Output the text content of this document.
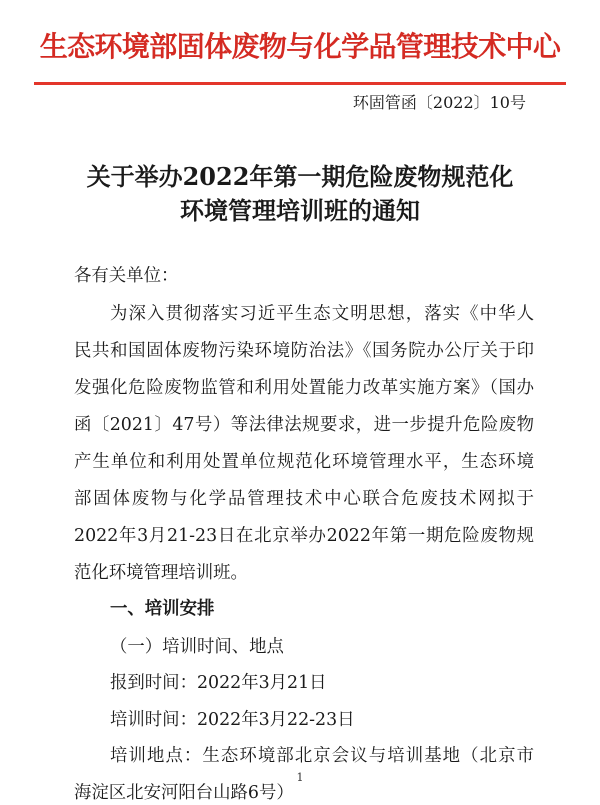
生态环境部固体废物与化学品管理技术中心
环固管函〔2022〕10号
关于举办2022年第一期危险废物规范化
环境管理培训班的通知
各有关单位：
为深入贯彻落实习近平生态文明思想，落实《中华人
民共和国固体废物污染环境防治法》《国务院办公厅关于印
发强化危险废物监管和利用处置能力改革实施方案》（国办
函〔2021〕47号）等法律法规要求，进一步提升危险废物
产生单位和利用处置单位规范化环境管理水平，生态环境
部固体废物与化学品管理技术中心联合危废技术网拟于
2022年3月21-23日在北京举办2022年第一期危险废物规
范化环境管理培训班。
一、培训安排
（一）培训时间、地点
报到时间：2022年3月21日
培训时间：2022年3月22-23日
培训地点：生态环境部北京会议与培训基地（北京市
海淀区北安河阳台山路6号）
1
